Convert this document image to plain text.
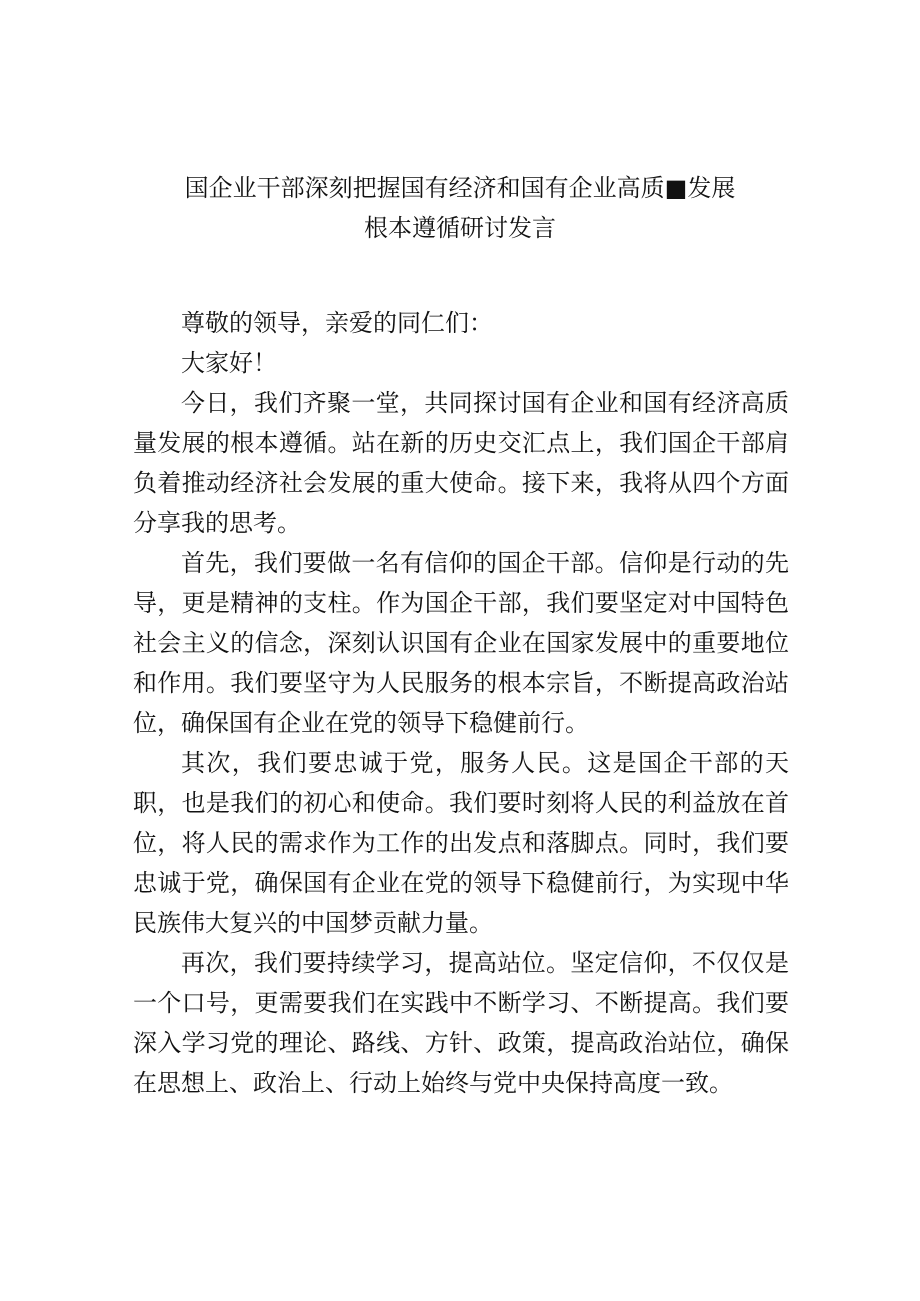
国企业干部深刻把握国有经济和国有企业高质■发展
根本遵循研讨发言

尊敬的领导，亲爱的同仁们：

大家好！

今日，我们齐聚一堂，共同探讨国有企业和国有经济高质量发展的根本遵循。站在新的历史交汇点上，我们国企干部肩负着推动经济社会发展的重大使命。接下来，我将从四个方面分享我的思考。

首先，我们要做一名有信仰的国企干部。信仰是行动的先导，更是精神的支柱。作为国企干部，我们要坚定对中国特色社会主义的信念，深刻认识国有企业在国家发展中的重要地位和作用。我们要坚守为人民服务的根本宗旨，不断提高政治站位，确保国有企业在党的领导下稳健前行。

其次，我们要忠诚于党，服务人民。这是国企干部的天职，也是我们的初心和使命。我们要时刻将人民的利益放在首位，将人民的需求作为工作的出发点和落脚点。同时，我们要忠诚于党，确保国有企业在党的领导下稳健前行，为实现中华民族伟大复兴的中国梦贡献力量。

再次，我们要持续学习，提高站位。坚定信仰，不仅仅是一个口号，更需要我们在实践中不断学习、不断提高。我们要深入学习党的理论、路线、方针、政策，提高政治站位，确保在思想上、政治上、行动上始终与党中央保持高度一致。
